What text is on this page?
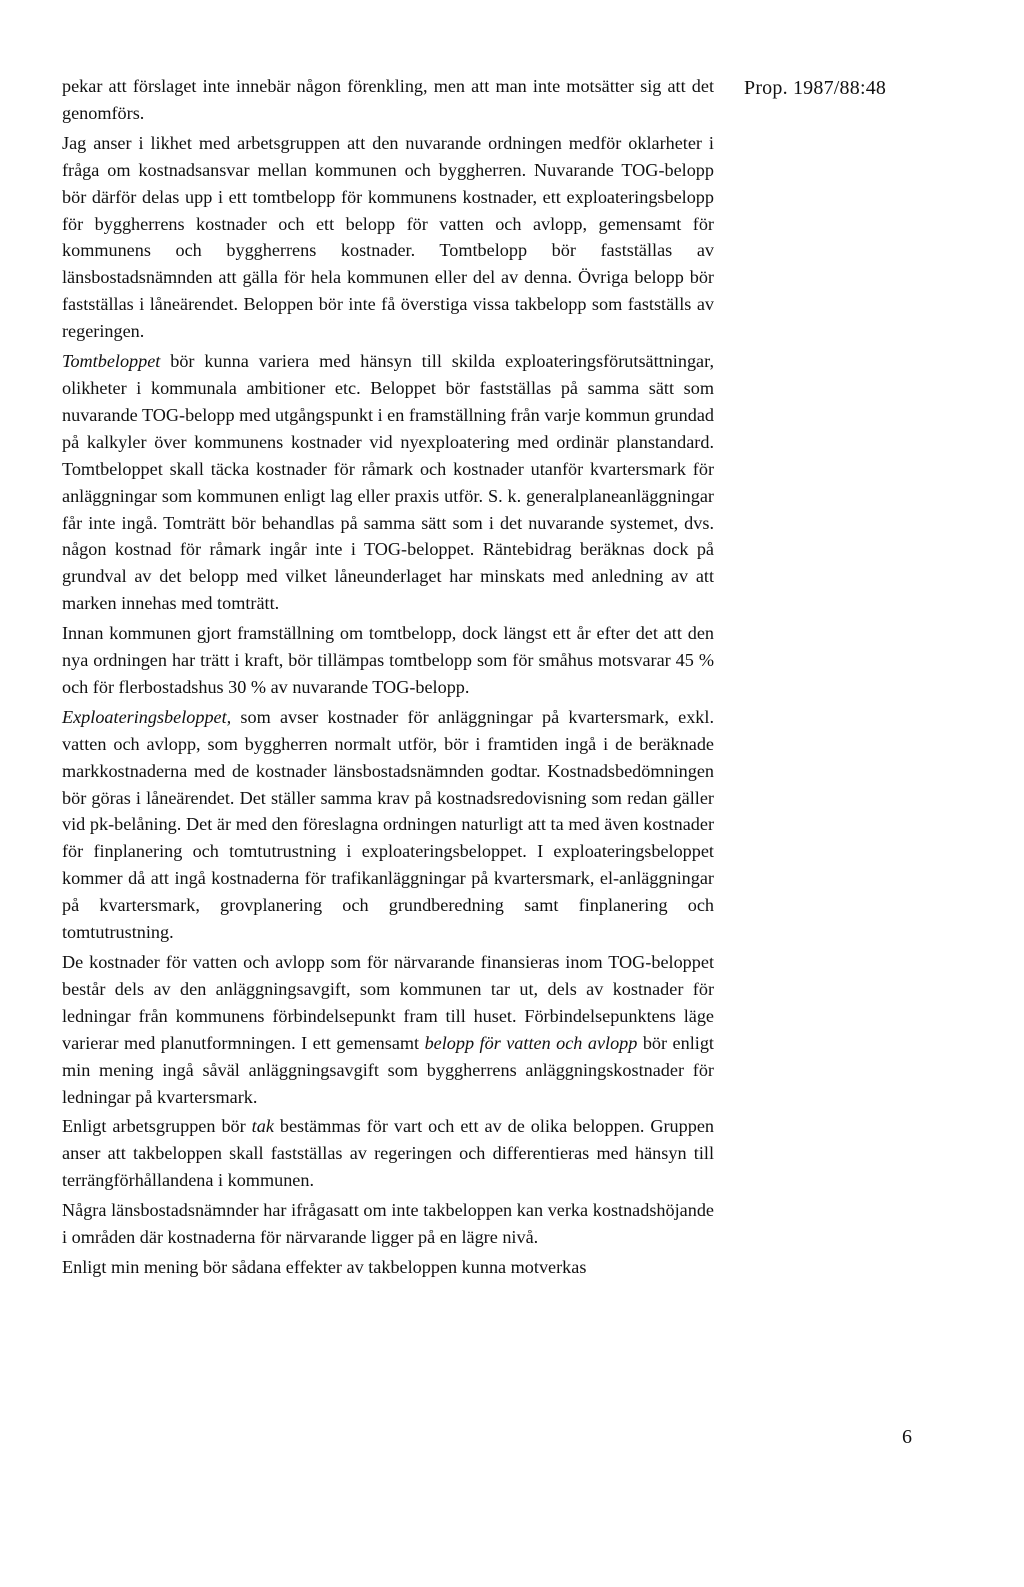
Prop. 1987/88:48

pekar att förslaget inte innebär någon förenkling, men att man inte motsätter sig att det genomförs.

Jag anser i likhet med arbetsgruppen att den nuvarande ordningen medför oklarheter i fråga om kostnadsansvar mellan kommunen och byggherren. Nuvarande TOG-belopp bör därför delas upp i ett tomtbelopp för kommunens kostnader, ett exploateringsbelopp för byggherrens kostnader och ett belopp för vatten och avlopp, gemensamt för kommunens och byggherrens kostnader. Tomtbelopp bör fastställas av länsbostadsnämnden att gälla för hela kommunen eller del av denna. Övriga belopp bör fastställas i låneärendet. Beloppen bör inte få överstiga vissa takbelopp som fastställs av regeringen.

Tomtbeloppet bör kunna variera med hänsyn till skilda exploateringsförutsättningar, olikheter i kommunala ambitioner etc. Beloppet bör fastställas på samma sätt som nuvarande TOG-belopp med utgångspunkt i en framställning från varje kommun grundad på kalkyler över kommunens kostnader vid nyexploatering med ordinär planstandard. Tomtbeloppet skall täcka kostnader för råmark och kostnader utanför kvartersmark för anläggningar som kommunen enligt lag eller praxis utför. S. k. generalplaneanläggningar får inte ingå. Tomträtt bör behandlas på samma sätt som i det nuvarande systemet, dvs. någon kostnad för råmark ingår inte i TOG-beloppet. Räntebidrag beräknas dock på grundval av det belopp med vilket låneunderlaget har minskats med anledning av att marken innehas med tomträtt.

Innan kommunen gjort framställning om tomtbelopp, dock längst ett år efter det att den nya ordningen har trätt i kraft, bör tillämpas tomtbelopp som för småhus motsvarar 45 % och för flerbostadshus 30 % av nuvarande TOG-belopp.

Exploateringsbeloppet, som avser kostnader för anläggningar på kvartersmark, exkl. vatten och avlopp, som byggherren normalt utför, bör i framtiden ingå i de beräknade markkostnaderna med de kostnader länsbostadsnämnden godtar. Kostnadsbedömningen bör göras i låneärendet. Det ställer samma krav på kostnadsredovisning som redan gäller vid pk-belåning. Det är med den föreslagna ordningen naturligt att ta med även kostnader för finplanering och tomtutrustning i exploateringsbeloppet. I exploateringsbeloppet kommer då att ingå kostnaderna för trafikanläggningar på kvartersmark, el-anläggningar på kvartersmark, grovplanering och grundberedning samt finplanering och tomtutrustning.

De kostnader för vatten och avlopp som för närvarande finansieras inom TOG-beloppet består dels av den anläggningsavgift, som kommunen tar ut, dels av kostnader för ledningar från kommunens förbindelsepunkt fram till huset. Förbindelsepunktens läge varierar med planutformningen. I ett gemensamt belopp för vatten och avlopp bör enligt min mening ingå såväl anläggningsavgift som byggherrens anläggningskostnader för ledningar på kvartersmark.

Enligt arbetsgruppen bör tak bestämmas för vart och ett av de olika beloppen. Gruppen anser att takbeloppen skall fastställas av regeringen och differentieras med hänsyn till terrängförhållandena i kommunen.

Några länsbostadsnämnder har ifrågasatt om inte takbeloppen kan verka kostnadshöjande i områden där kostnaderna för närvarande ligger på en lägre nivå.

Enligt min mening bör sådana effekter av takbeloppen kunna motverkas

6
